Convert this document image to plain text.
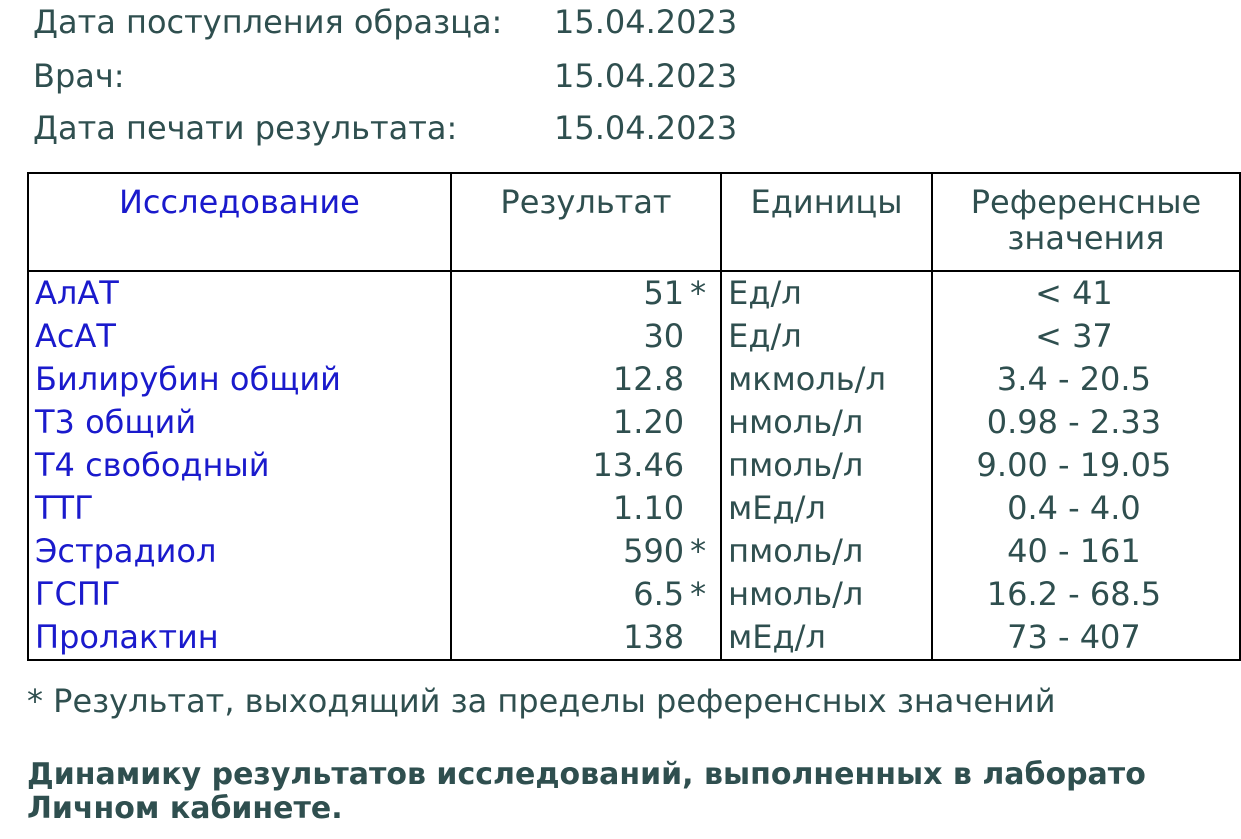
Дата поступления образца: 15.04.2023
Врач:	15.04.2023
Дата печати результата:	15.04.2023
Исследование	Результат	Единицы	Референсные
значения
АлАТ	51 *	Ед/л	< 41
АсАТ	30	Ед/л	< 37
Билирубин общий	12.8	мкмоль/л	3.4 - 20.5
Т3 общий	1.20	нмоль/л	0.98 - 2.33
Т4 свободный	13.46	пмоль/л	9.00 - 19.05
ТТГ	1.10	мЕд/л	0.4 - 4.0
Эстрадиол	590 *	пмоль/л	40 - 161
ГСПГ	6.5 *	нмоль/л	16.2 - 68.5
Пролактин	138	мЕд/л	73 - 407
* Результат, выходящий за пределы референсных значений
Динамику результатов исследований, выполненных в лаборато
Личном кабинете.
